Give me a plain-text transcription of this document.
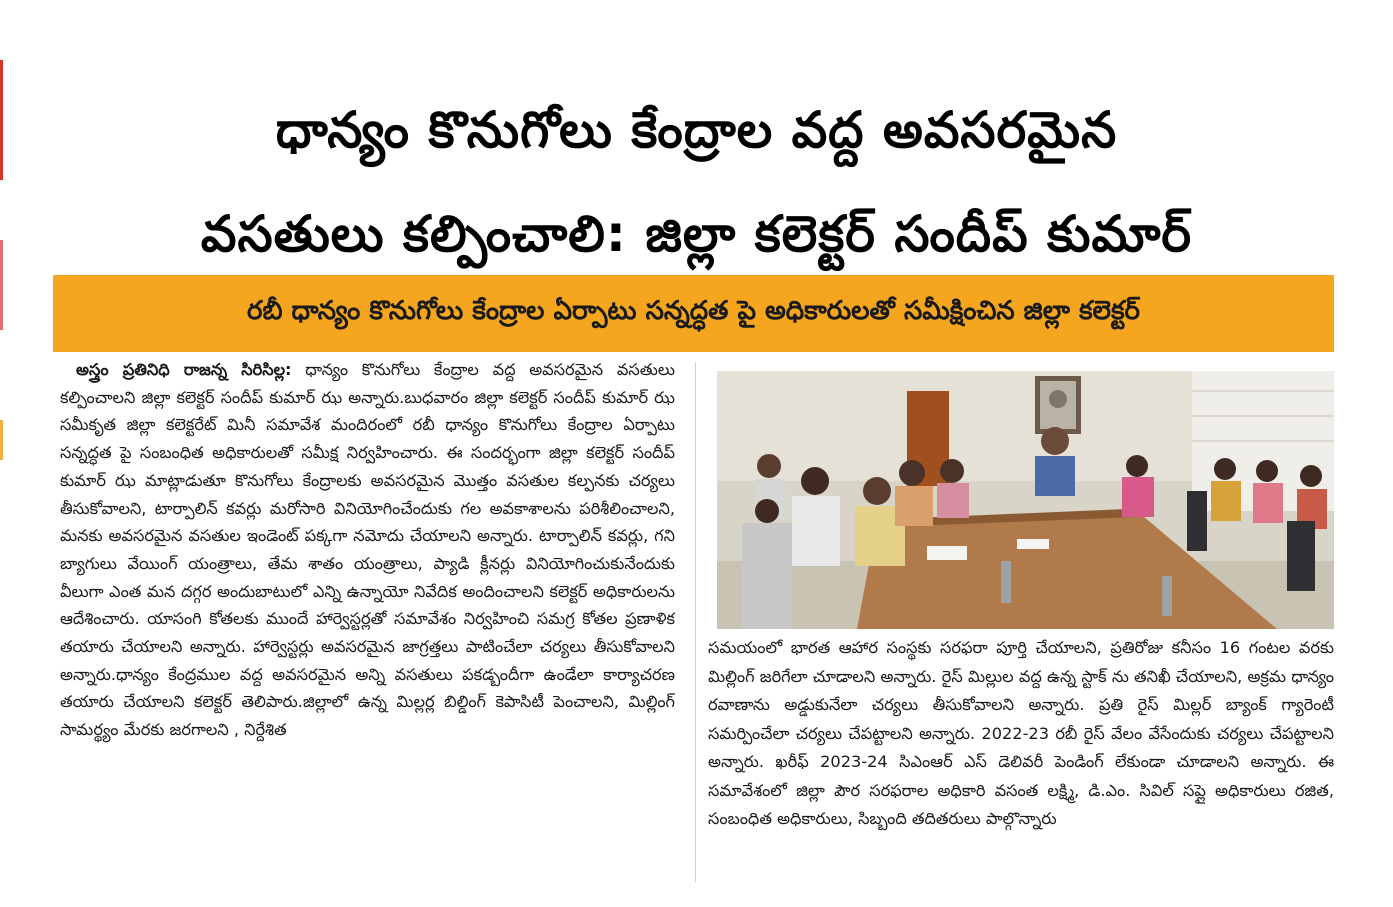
ధాన్యం కొనుగోలు కేంద్రాల వద్ద అవసరమైన
వసతులు కల్పించాలి: జిల్లా కలెక్టర్ సందీప్ కుమార్
రబీ ధాన్యం కొనుగోలు కేంద్రాల ఏర్పాటు సన్నద్ధత పై అధికారులతో సమీక్షించిన జిల్లా కలెక్టర్
అస్త్రం ప్రతినిధి రాజన్న సిరిసిల్ల: ధాన్యం కొనుగోలు కేంద్రాల వద్ద అవసరమైన వసతులు కల్పించాలని జిల్లా కలెక్టర్ సందీప్ కుమార్ ఝ అన్నారు.బుధవారం జిల్లా కలెక్టర్ సందీప్ కుమార్ ఝ సమీకృత జిల్లా కలెక్టరేట్ మినీ సమావేశ మందిరంలో రబీ ధాన్యం కొనుగోలు కేంద్రాల ఏర్పాటు సన్నద్ధత పై సంబంధిత అధికారులతో సమీక్ష నిర్వహించారు. ఈ సందర్భంగా జిల్లా కలెక్టర్ సందీప్ కుమార్ ఝ మాట్లాడుతూ కొనుగోలు కేంద్రాలకు అవసరమైన మొత్తం వసతుల కల్పనకు చర్యలు తీసుకోవాలని, టార్పాలిన్ కవర్లు మరోసారి వినియోగించేందుకు గల అవకాశాలను పరిశీలించాలని, మనకు అవసరమైన వసతుల ఇండెంట్ పక్కగా నమోదు చేయాలని అన్నారు. టార్పాలిన్ కవర్లు, గని బ్యాగులు వేయింగ్ యంత్రాలు, తేమ శాతం యంత్రాలు, ప్యాడి క్లీనర్లు వినియోగించుకునేందుకు వీలుగా ఎంత మన దగ్గర అందుబాటులో ఎన్ని ఉన్నాయో నివేదిక అందించాలని కలెక్టర్ అధికారులను ఆదేశించారు. యాసంగి కోతలకు ముందే హార్వెస్టర్లతో సమావేశం నిర్వహించి సమగ్ర కోతల ప్రణాళిక తయారు చేయాలని అన్నారు. హార్వెస్టర్లు అవసరమైన జాగ్రత్తలు పాటించేలా చర్యలు తీసుకోవాలని అన్నారు.ధాన్యం కేంద్రముల వద్ద అవసరమైన అన్ని వసతులు పకడ్బందీగా ఉండేలా కార్యాచరణ తయారు చేయాలని కలెక్టర్ తెలిపారు.జిల్లాలో ఉన్న మిల్లర్ల బిల్డింగ్ కెపాసిటీ పెంచాలని, మిల్లింగ్ సామర్థ్యం మేరకు జరగాలని , నిర్దేశిత
సమయంలో భారత ఆహార సంస్థకు సరఫరా పూర్తి చేయాలని, ప్రతిరోజు కనీసం 16 గంటల వరకు మిల్లింగ్ జరిగేలా చూడాలని అన్నారు. రైస్ మిల్లుల వద్ద ఉన్న స్టాక్ ను తనిఖీ చేయాలని, అక్రమ ధాన్యం రవాణాను అడ్డుకునేలా చర్యలు తీసుకోవాలని అన్నారు. ప్రతి రైస్ మిల్లర్ బ్యాంక్ గ్యారెంటీ సమర్పించేలా చర్యలు చేపట్టాలని అన్నారు. 2022-23 రబీ రైస్ వేలం వేసేందుకు చర్యలు చేపట్టాలని అన్నారు. ఖరీఫ్ 2023-24 సిఎంఆర్ ఎస్ డెలివరీ పెండింగ్ లేకుండా చూడాలని అన్నారు. ఈ సమావేశంలో జిల్లా పౌర సరఫరాల అధికారి వసంత లక్ష్మి, డి.ఎం. సివిల్ సప్లై అధికారులు రజిత, సంబంధిత అధికారులు, సిబ్బంది తదితరులు పాల్గొన్నారు
